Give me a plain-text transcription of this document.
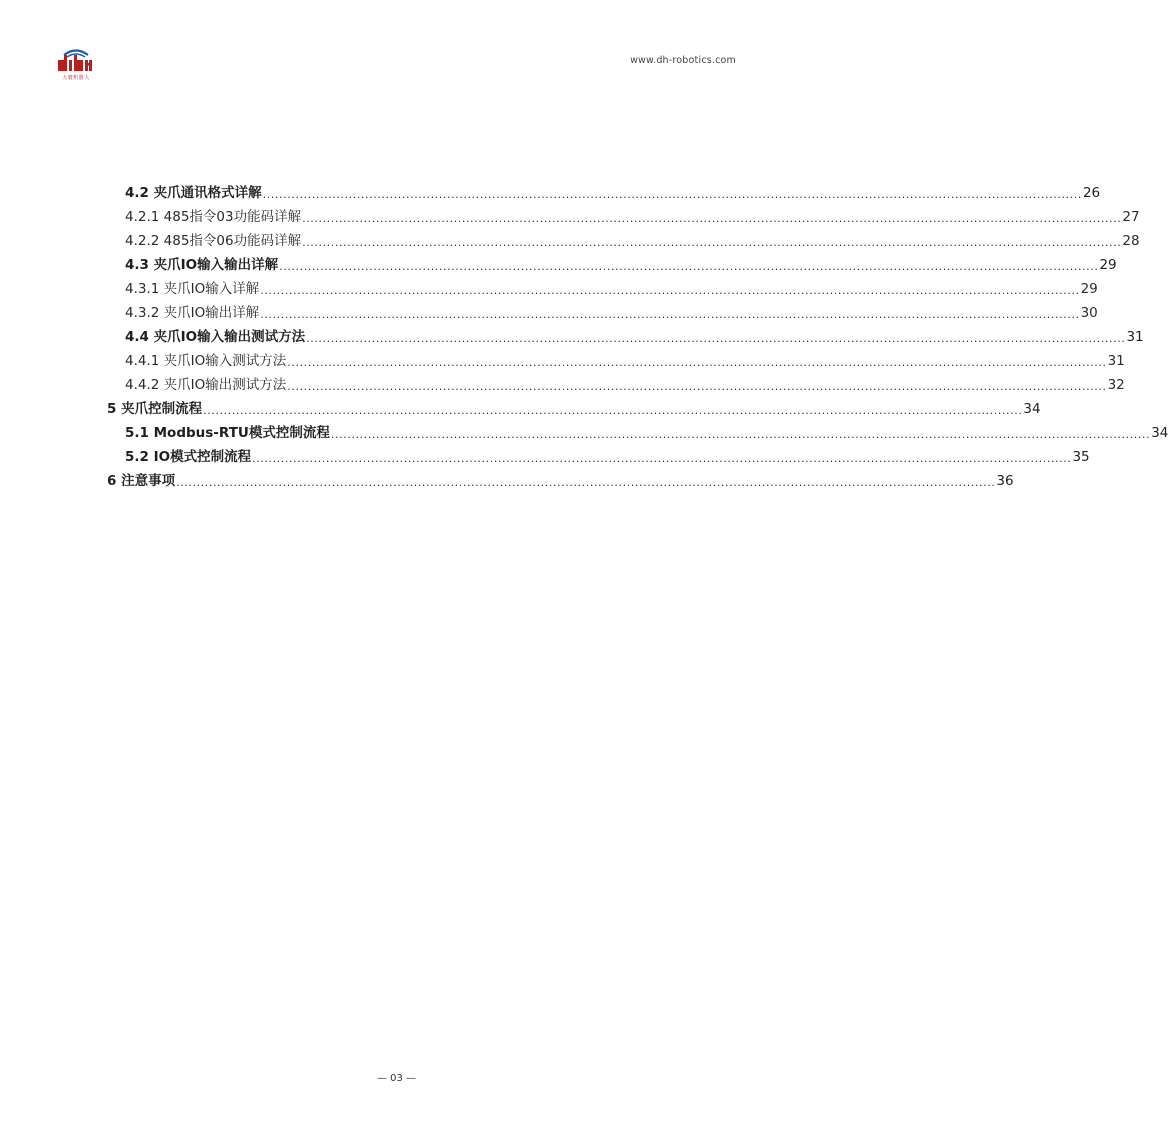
大寰机器人
www.dh-robotics.com
4.2 夹爪通讯格式详解 ........................................................................................................................................................................................................ 26
4.2.1 485指令03功能码详解 ........................................................................................................................................................................................................ 27
4.2.2 485指令06功能码详解 ........................................................................................................................................................................................................ 28
4.3 夹爪IO输入输出详解 ........................................................................................................................................................................................................ 29
4.3.1 夹爪IO输入详解 ........................................................................................................................................................................................................ 29
4.3.2 夹爪IO输出详解 ........................................................................................................................................................................................................ 30
4.4 夹爪IO输入输出测试方法 ........................................................................................................................................................................................................ 31
4.4.1 夹爪IO输入测试方法 ........................................................................................................................................................................................................ 31
4.4.2 夹爪IO输出测试方法 ........................................................................................................................................................................................................ 32
5 夹爪控制流程 ........................................................................................................................................................................................................ 34
5.1 Modbus-RTU模式控制流程 ........................................................................................................................................................................................................ 34
5.2 IO模式控制流程 ........................................................................................................................................................................................................ 35
6 注意事项 ........................................................................................................................................................................................................ 36
— 03 —
